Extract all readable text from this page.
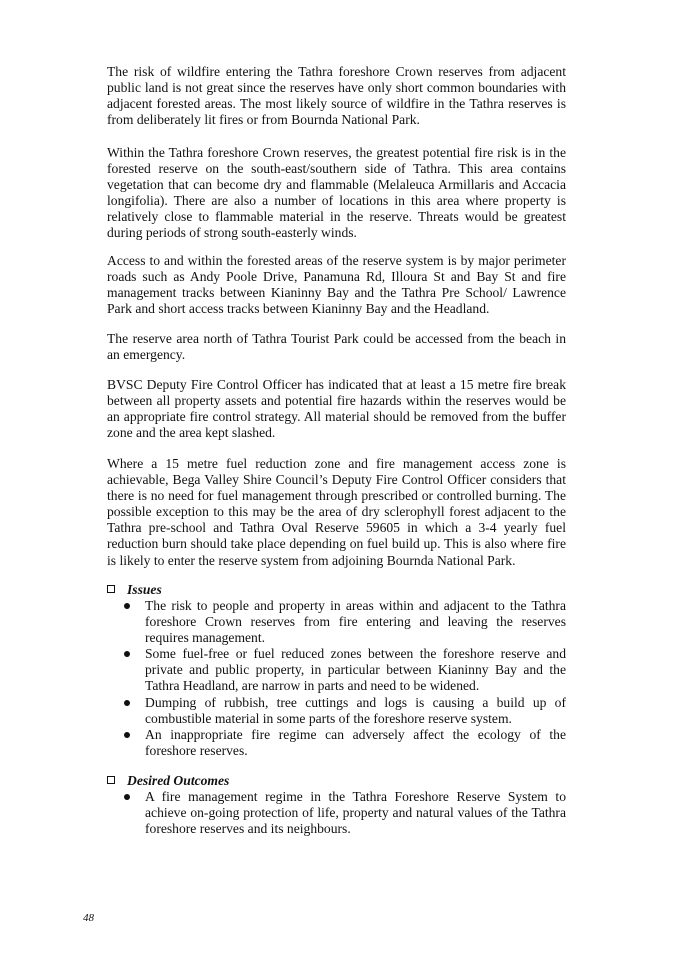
The risk of wildfire entering the Tathra foreshore Crown reserves from adjacent public land is not great since the reserves have only short common boundaries with adjacent forested areas. The most likely source of wildfire in the Tathra reserves is from deliberately lit fires or from Bournda National Park.

Within the Tathra foreshore Crown reserves, the greatest potential fire risk is in the forested reserve on the south-east/southern side of Tathra. This area contains vegetation that can become dry and flammable (Melaleuca Armillaris and Accacia longifolia). There are also a number of locations in this area where property is relatively close to flammable material in the reserve. Threats would be greatest during periods of strong south-easterly winds.

Access to and within the forested areas of the reserve system is by major perimeter roads such as Andy Poole Drive, Panamuna Rd, Illoura St and Bay St and fire management tracks between Kianinny Bay and the Tathra Pre School/ Lawrence Park and short access tracks between Kianinny Bay and the Headland.

The reserve area north of Tathra Tourist Park could be accessed from the beach in an emergency.

BVSC Deputy Fire Control Officer has indicated that at least a 15 metre fire break between all property assets and potential fire hazards within the reserves would be an appropriate fire control strategy. All material should be removed from the buffer zone and the area kept slashed.

Where a 15 metre fuel reduction zone and fire management access zone is achievable, Bega Valley Shire Council’s Deputy Fire Control Officer considers that there is no need for fuel management through prescribed or controlled burning. The possible exception to this may be the area of dry sclerophyll forest adjacent to the Tathra pre-school and Tathra Oval Reserve 59605 in which a 3-4 yearly fuel reduction burn should take place depending on fuel build up. This is also where fire is likely to enter the reserve system from adjoining Bournda National Park.

Issues
The risk to people and property in areas within and adjacent to the Tathra foreshore Crown reserves from fire entering and leaving the reserves requires management.
Some fuel-free or fuel reduced zones between the foreshore reserve and private and public property, in particular between Kianinny Bay and the Tathra Headland, are narrow in parts and need to be widened.
Dumping of rubbish, tree cuttings and logs is causing a build up of combustible material in some parts of the foreshore reserve system.
An inappropriate fire regime can adversely affect the ecology of the foreshore reserves.
Desired Outcomes
A fire management regime in the Tathra Foreshore Reserve System to achieve on-going protection of life, property and natural values of the Tathra foreshore reserves and its neighbours.
48
